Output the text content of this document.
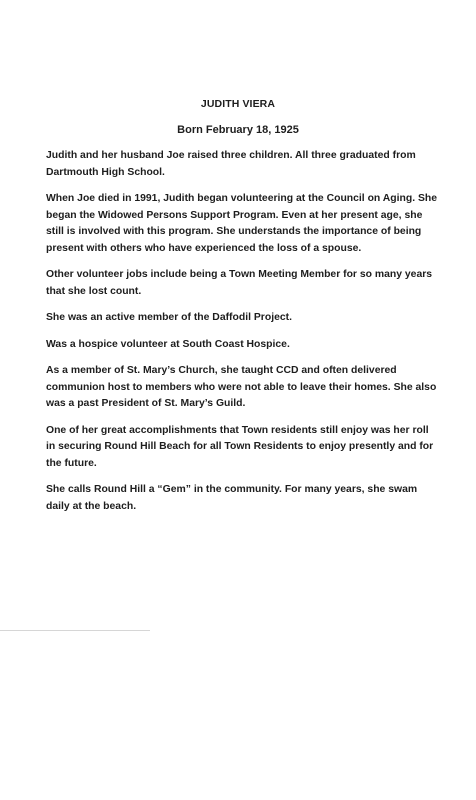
JUDITH VIERA
Born February 18, 1925

Judith and her husband Joe raised three children. All three graduated from Dartmouth High School.

When Joe died in 1991, Judith began volunteering at the Council on Aging. She began the Widowed Persons Support Program. Even at her present age, she still is involved with this program. She understands the importance of being present with others who have experienced the loss of a spouse.

Other volunteer jobs include being a Town Meeting Member for so many years that she lost count.

She was an active member of the Daffodil Project.

Was a hospice volunteer at South Coast Hospice.

As a member of St. Mary’s Church, she taught CCD and often delivered communion host to members who were not able to leave their homes. She also was a past President of St. Mary’s Guild.

One of her great accomplishments that Town residents still enjoy was her roll in securing Round Hill Beach for all Town Residents to enjoy presently and for the future.

She calls Round Hill a “Gem” in the community. For many years, she swam daily at the beach.
